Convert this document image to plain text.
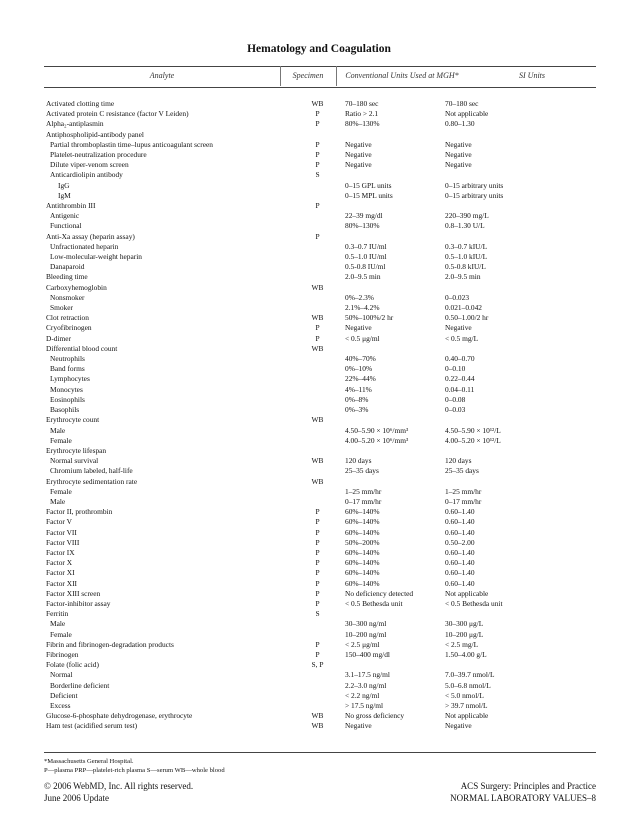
Hematology and Coagulation
Analyte	Specimen	Conventional Units Used at MGH*	SI Units
Activated clotting time	WB	70–180 sec	70–180 sec
Activated protein C resistance (factor V Leiden)	P	Ratio > 2.1	Not applicable
Alpha₂-antiplasmin	P	80%–130%	0.80–1.30
Antiphospholipid-antibody panel			
Partial thromboplastin time–lupus anticoagulant screen	P	Negative	Negative
Platelet-neutralization procedure	P	Negative	Negative
Dilute viper-venom screen	P	Negative	Negative
Anticardiolipin antibody	S		
IgG		0–15 GPL units	0–15 arbitrary units
IgM		0–15 MPL units	0–15 arbitrary units
Antithrombin III	P		
Antigenic		22–39 mg/dl	220–390 mg/L
Functional		80%–130%	0.8–1.30 U/L
Anti-Xa assay (heparin assay)	P		
Unfractionated heparin		0.3–0.7 IU/ml	0.3–0.7 kIU/L
Low-molecular-weight heparin		0.5–1.0 IU/ml	0.5–1.0 kIU/L
Danaparoid		0.5-0.8 IU/ml	0.5-0.8 kIU/L
Bleeding time		2.0–9.5 min	2.0–9.5 min
Carboxyhemoglobin	WB		
Nonsmoker		0%–2.3%	0–0.023
Smoker		2.1%–4.2%	0.021–0.042
Clot retraction	WB	50%–100%/2 hr	0.50–1.00/2 hr
Cryofibrinogen	P	Negative	Negative
D-dimer	P	< 0.5 μg/ml	< 0.5 mg/L
Differential blood count	WB		
Neutrophils		40%–70%	0.40–0.70
Band forms		0%–10%	0–0.10
Lymphocytes		22%–44%	0.22–0.44
Monocytes		4%–11%	0.04–0.11
Eosinophils		0%–8%	0–0.08
Basophils		0%–3%	0–0.03
Erythrocyte count	WB		
Male		4.50–5.90 × 10⁶/mm³	4.50–5.90 × 10¹²/L
Female		4.00–5.20 × 10⁶/mm³	4.00–5.20 × 10¹²/L
Erythrocyte lifespan			
Normal survival	WB	120 days	120 days
Chromium labeled, half-life		25–35 days	25–35 days
Erythrocyte sedimentation rate	WB		
Female		1–25 mm/hr	1–25 mm/hr
Male		0–17 mm/hr	0–17 mm/hr
Factor II, prothrombin	P	60%–140%	0.60–1.40
Factor V	P	60%–140%	0.60–1.40
Factor VII	P	60%–140%	0.60–1.40
Factor VIII	P	50%–200%	0.50–2.00
Factor IX	P	60%–140%	0.60–1.40
Factor X	P	60%–140%	0.60–1.40
Factor XI	P	60%–140%	0.60–1.40
Factor XII	P	60%–140%	0.60–1.40
Factor XIII screen	P	No deficiency detected	Not applicable
Factor-inhibitor assay	P	< 0.5 Bethesda unit	< 0.5 Bethesda unit
Ferritin	S		
Male		30–300 ng/ml	30–300 μg/L
Female		10–200 ng/ml	10–200 μg/L
Fibrin and fibrinogen-degradation products	P	< 2.5 μg/ml	< 2.5 mg/L
Fibrinogen	P	150–400 mg/dl	1.50–4.00 g/L
Folate (folic acid)	S, P		
Normal		3.1–17.5 ng/ml	7.0–39.7 nmol/L
Borderline deficient		2.2–3.0 ng/ml	5.0–6.8 nmol/L
Deficient		< 2.2 ng/ml	< 5.0 nmol/L
Excess		> 17.5 ng/ml	> 39.7 nmol/L
Glucose-6-phosphate dehydrogenase, erythrocyte	WB	No gross deficiency	Not applicable
Ham test (acidified serum test)	WB	Negative	Negative
*Massachusetts General Hospital.
P—plasma PRP—platelet-rich plasma S—serum WB—whole blood
© 2006 WebMD, Inc. All rights reserved.
June 2006 Update
ACS Surgery: Principles and Practice
NORMAL LABORATORY VALUES–8
